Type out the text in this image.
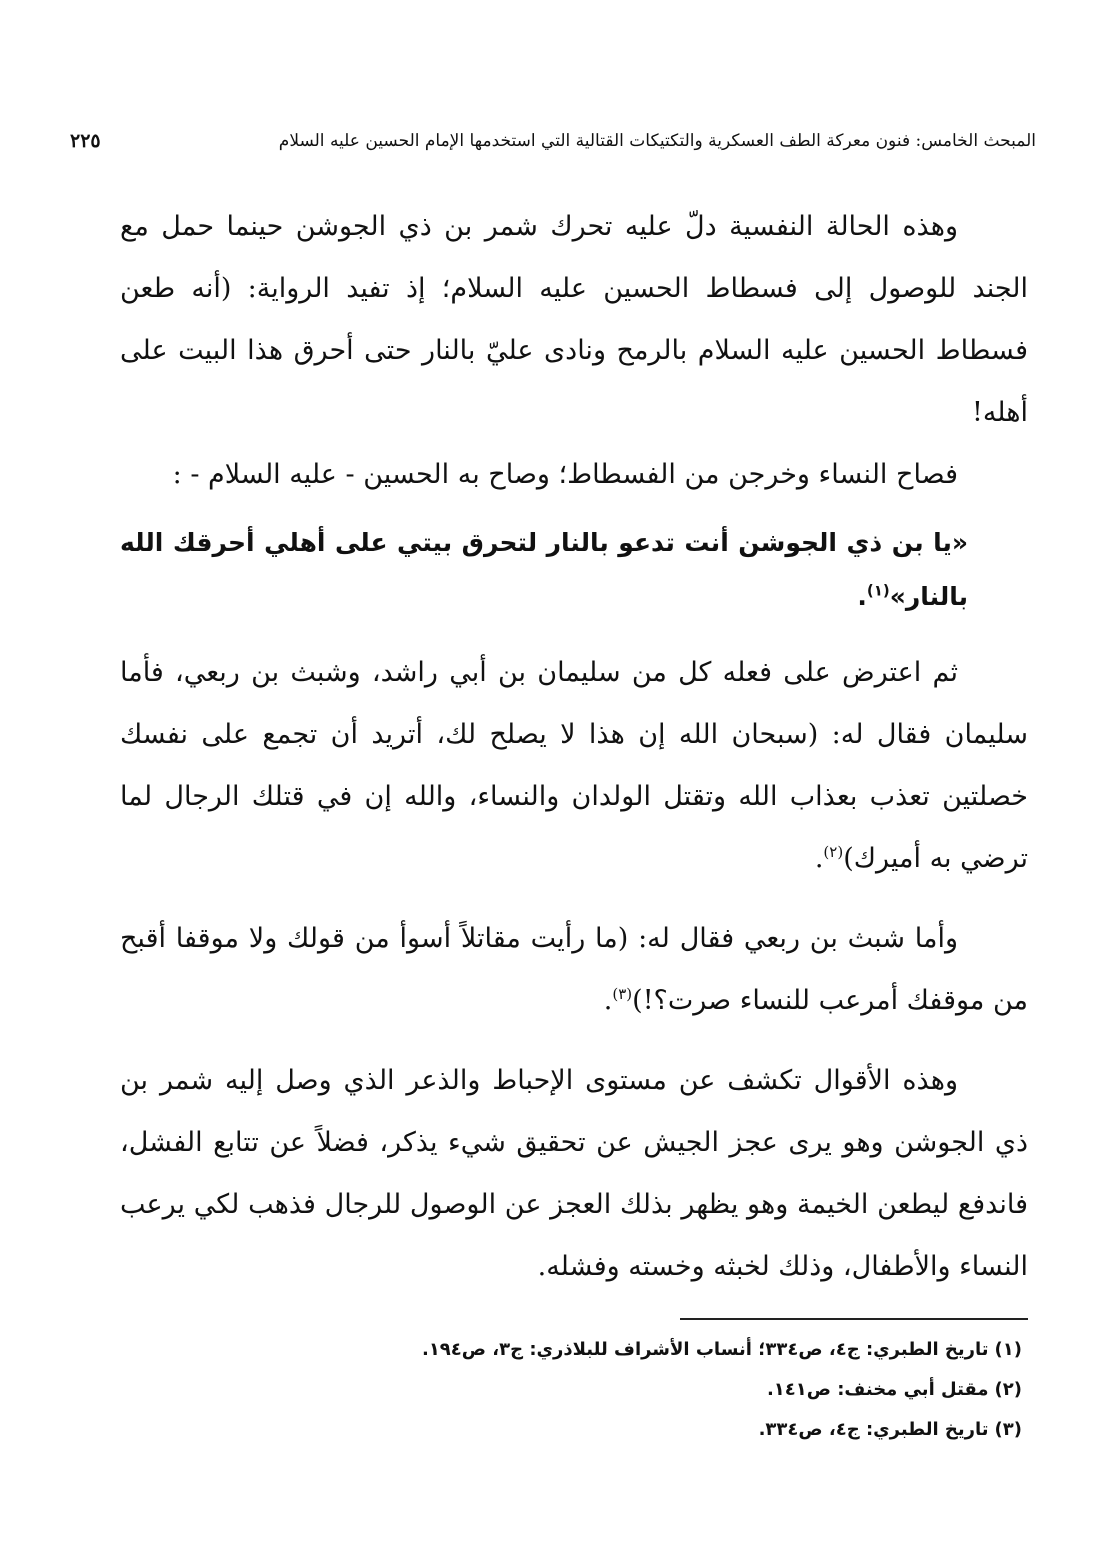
المبحث الخامس: فنون معركة الطف العسكرية والتكتيكات القتالية التي استخدمها الإمام الحسين عليه السلام
٢٢٥

وهذه الحالة النفسية دلّ عليه تحرك شمر بن ذي الجوشن حينما حمل مع الجند للوصول إلى فسطاط الحسين عليه السلام؛ إذ تفيد الرواية: (أنه طعن فسطاط الحسين عليه السلام بالرمح ونادى عليّ بالنار حتى أحرق هذا البيت على أهله!

فصاح النساء وخرجن من الفسطاط؛ وصاح به الحسين - عليه السلام - :

«يا بن ذي الجوشن أنت تدعو بالنار لتحرق بيتي على أهلي أحرقك الله بالنار»$^{(١)}$.

ثم اعترض على فعله كل من سليمان بن أبي راشد، وشبث بن ربعي، فأما سليمان فقال له: (سبحان الله إن هذا لا يصلح لك، أتريد أن تجمع على نفسك خصلتين تعذب بعذاب الله وتقتل الولدان والنساء، والله إن في قتلك الرجال لما ترضي به أميرك)$^{(٢)}$.

وأما شبث بن ربعي فقال له: (ما رأيت مقاتلاً أسوأ من قولك ولا موقفا أقبح من موقفك أمرعب للنساء صرت؟!)$^{(٣)}$.

وهذه الأقوال تكشف عن مستوى الإحباط والذعر الذي وصل إليه شمر بن ذي الجوشن وهو يرى عجز الجيش عن تحقيق شيء يذكر، فضلاً عن تتابع الفشل، فاندفع ليطعن الخيمة وهو يظهر بذلك العجز عن الوصول للرجال فذهب لكي يرعب النساء والأطفال، وذلك لخبثه وخسته وفشله.

(١)تاريخ الطبري: ج٤، ص٣٣٤؛ أنساب الأشراف للبلاذري: ج٣، ص١٩٤.

(٢)مقتل أبي مخنف: ص١٤١.

(٣)تاريخ الطبري: ج٤، ص٣٣٤.
